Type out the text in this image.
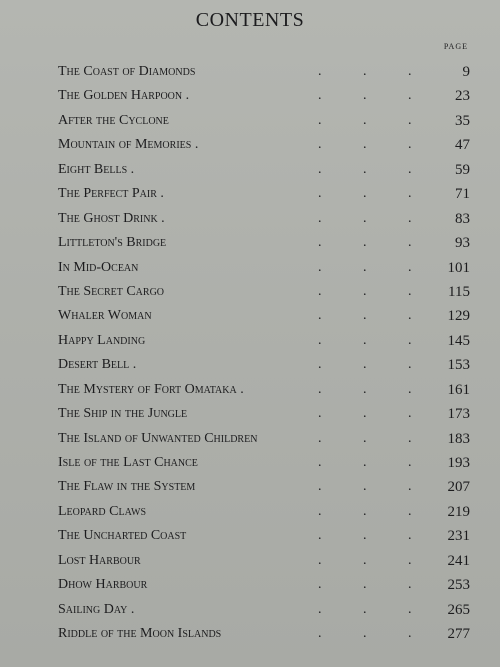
CONTENTS
PAGE
The Coast of Diamonds	9
.	.	.
The Golden Harpoon .	23
.	.	.
After the Cyclone	35
.	.	.
Mountain of Memories .	47
.	.	.
Eight Bells .	59
.	.	.
The Perfect Pair .	71
.	.	.
The Ghost Drink .	83
.	.	.
Littleton's Bridge	93
.	.	.
In Mid-Ocean	101
.	.	.
The Secret Cargo	115
.	.	.
Whaler Woman	129
.	.	.
Happy Landing	145
.	.	.
Desert Bell .	153
.	.	.
The Mystery of Fort Omataka .	161
.	.	.
The Ship in the Jungle	173
.	.	.
The Island of Unwanted Children	183
.	.	.
Isle of the Last Chance	193
.	.	.
The Flaw in the System	207
.	.	.
Leopard Claws	219
.	.	.
The Uncharted Coast	231
.	.	.
Lost Harbour	241
.	.	.
Dhow Harbour	253
.	.	.
Sailing Day .	265
.	.	.
Riddle of the Moon Islands	277
.	.	.
